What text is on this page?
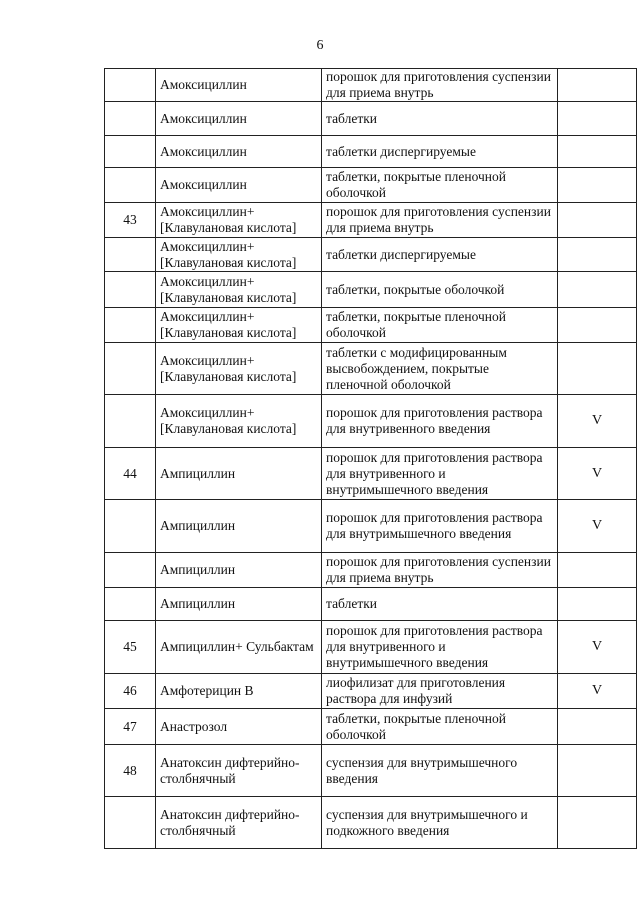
6
	Амоксициллин	порошок для приготовления суспензии для приема внутрь	
	Амоксициллин	таблетки	
	Амоксициллин	таблетки диспергируемые	
	Амоксициллин	таблетки, покрытые пленочной оболочкой	
43	Амоксициллин+ [Клавулановая кислота]	порошок для приготовления суспензии для приема внутрь	
	Амоксициллин+ [Клавулановая кислота]	таблетки диспергируемые	
	Амоксициллин+ [Клавулановая кислота]	таблетки, покрытые оболочкой	
	Амоксициллин+ [Клавулановая кислота]	таблетки, покрытые пленочной оболочкой	
	Амоксициллин+ [Клавулановая кислота]	таблетки с модифицированным высвобождением, покрытые пленочной оболочкой	
	Амоксициллин+ [Клавулановая кислота]	порошок для приготовления раствора для внутривенного введения	V
44	Ампициллин	порошок для приготовления раствора для внутривенного и внутримышечного введения	V
	Ампициллин	порошок для приготовления раствора для внутримышечного введения	V
	Ампициллин	порошок для приготовления суспензии для приема внутрь	
	Ампициллин	таблетки	
45	Ампициллин+ Сульбактам	порошок для приготовления раствора для внутривенного и внутримышечного введения	V
46	Амфотерицин В	лиофилизат для приготовления раствора для инфузий	V
47	Анастрозол	таблетки, покрытые пленочной оболочкой	
48	Анатоксин дифтерийно-столбнячный	суспензия для внутримышечного введения	
	Анатоксин дифтерийно-столбнячный	суспензия для внутримышечного и подкожного введения	
